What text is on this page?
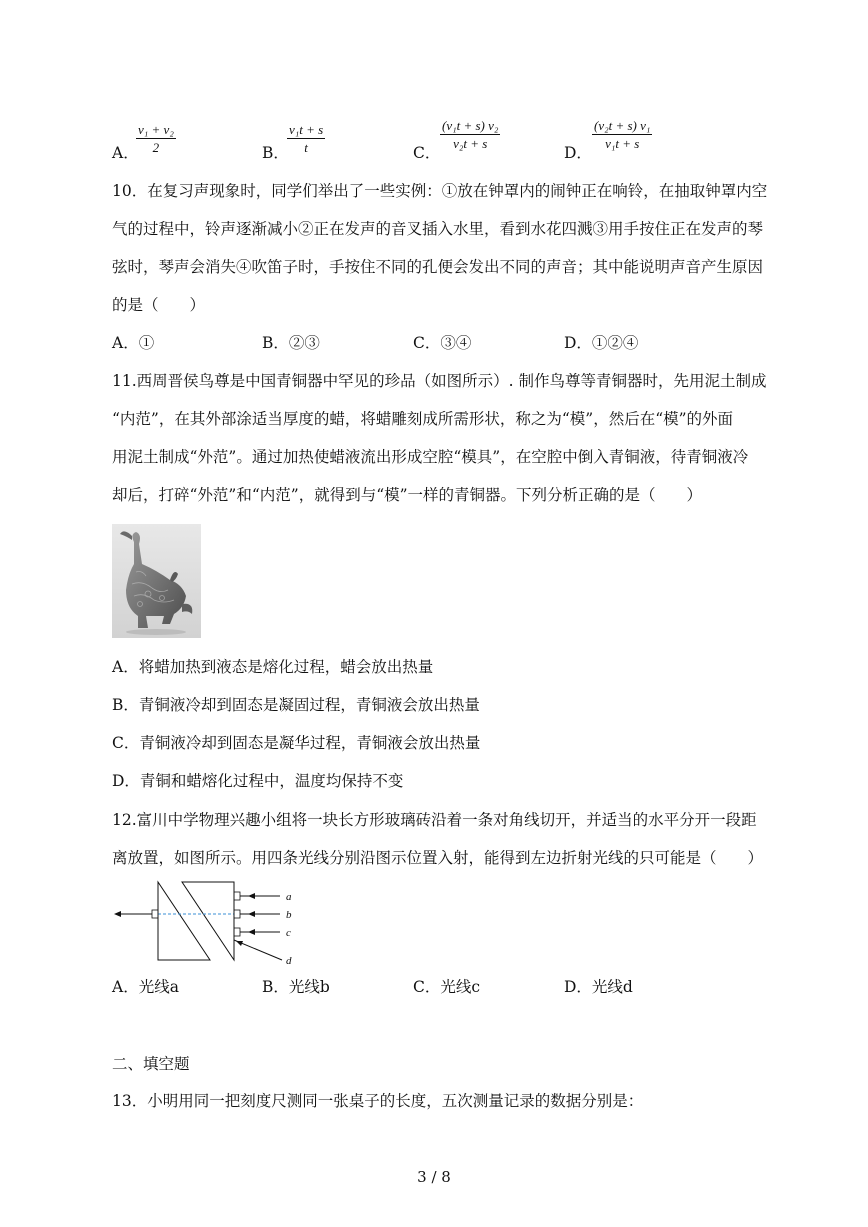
A．
$\frac{\text{v₁ + v₂}}{2}$	B．
$\frac{\text{v₁t + s}}{t}$	C．
$\frac{\text{(v₁t + s) v₂}}{\text{v₂t + s}}$
D．
$\frac{\text{(v₂t + s) v₁}}{\text{v₁t + s}}$
10．在复习声现象时，同学们举出了一些实例：①放在钟罩内的闹钟正在响铃，在抽取钟罩内空
气的过程中，铃声逐渐减小②正在发声的音叉插入水里，看到水花四溅③用手按住正在发声的琴
弦时，琴声会消失④吹笛子时，手按住不同的孔便会发出不同的声音；其中能说明声音产生原因
的是（　　）
A．①	B．②③	C．③④	D．①②④
11.西周晋侯鸟尊是中国青铜器中罕见的珍品（如图所示）. 制作鸟尊等青铜器时，先用泥土制成
“内范”，在其外部涂适当厚度的蜡，将蜡雕刻成所需形状，称之为“模”，然后在“模”的外面
用泥土制成“外范”。通过加热使蜡液流出形成空腔“模具”，在空腔中倒入青铜液，待青铜液冷
却后，打碎“外范”和“内范”，就得到与“模”一样的青铜器。下列分析正确的是（　　）
A．将蜡加热到液态是熔化过程，蜡会放出热量
B．青铜液冷却到固态是凝固过程，青铜液会放出热量
C．青铜液冷却到固态是凝华过程，青铜液会放出热量
D．青铜和蜡熔化过程中，温度均保持不变
12.富川中学物理兴趣小组将一块长方形玻璃砖沿着一条对角线切开，并适当的水平分开一段距
离放置，如图所示。用四条光线分别沿图示位置入射，能得到左边折射光线的只可能是（　　）
a
b
c
d
A．光线a	B．光线b	C．光线c	D．光线d
二、填空题
13．小明用同一把刻度尺测同一张桌子的长度，五次测量记录的数据分别是：
3 / 8
